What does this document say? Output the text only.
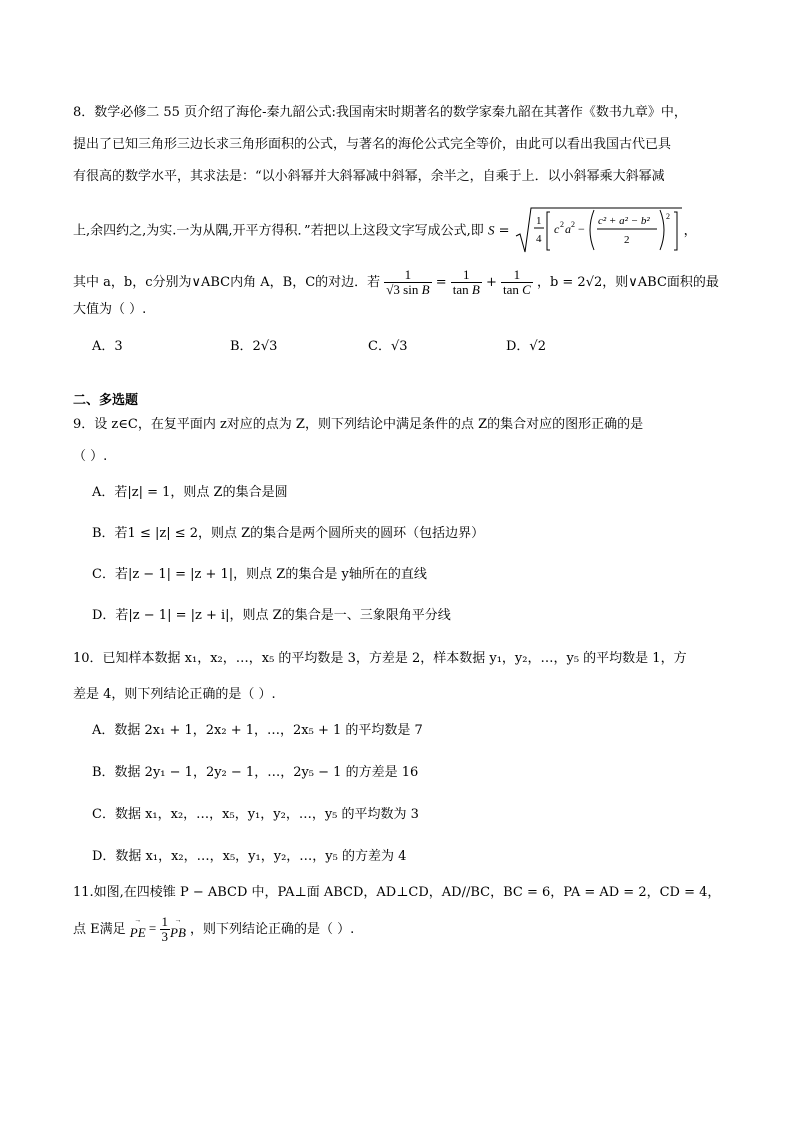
8．数学必修二 55 页介绍了海伦-秦九韶公式:我国南宋时期著名的数学家秦九韶在其著作《数书九章》中，
提出了已知三角形三边长求三角形面积的公式，与著名的海伦公式完全等价，由此可以看出我国古代已具
有很高的数学水平，其求法是：“以小斜幂并大斜幂减中斜幂，余半之，自乘于上．以小斜幂乘大斜幂减
上,余四约之,为实.一为从隅,开平方得积．”若把以上这段文字写成公式,即 S =
1
4
c 2 a 2 −
c² + a² − b²
2
2
，
其中 a，b，c分别为∨ABC内角 A，B，C的对边．若 $\frac{1}{\text{√3 sin B}} = \frac{1}{\text{tan B}} + \frac{1}{\text{tan C}}$ ，b = 2√2，则∨ABC面积的最
大值为（ ）.
A．3	B．2√3	C．√3	D．√2
二、多选题
9．设 z∈C，在复平面内 z对应的点为 Z，则下列结论中满足条件的点 Z的集合对应的图形正确的是
（ ）.
A．若|z| = 1，则点 Z的集合是圆
B．若1 ≤ |z| ≤ 2，则点 Z的集合是两个圆所夹的圆环（包括边界）
C．若|z − 1| = |z + 1|，则点 Z的集合是 y轴所在的直线
D．若|z − 1| = |z + i|，则点 Z的集合是一、三象限角平分线
10．已知样本数据 x₁，x₂，…，x₅ 的平均数是 3，方差是 2，样本数据 y₁，y₂，…，y₅ 的平均数是 1，方
差是 4，则下列结论正确的是（ ）.
A．数据 2x₁ + 1，2x₂ + 1，…，2x₅ + 1 的平均数是 7
B．数据 2y₁ − 1，2y₂ − 1，…，2y₅ − 1 的方差是 16
C．数据 x₁，x₂，…，x₅，y₁，y₂，…，y₅ 的平均数为 3
D．数据 x₁，x₂，…，x₅，y₁，y₂，…，y₅ 的方差为 4
11.如图,在四棱锥 P − ABCD 中，PA⊥面 ABCD，AD⊥CD，AD//BC，BC = 6，PA = AD = 2，CD = 4，
点 E满足
→
PE = $\frac{1}{3}$ →
PB ，则下列结论正确的是（ ）.
